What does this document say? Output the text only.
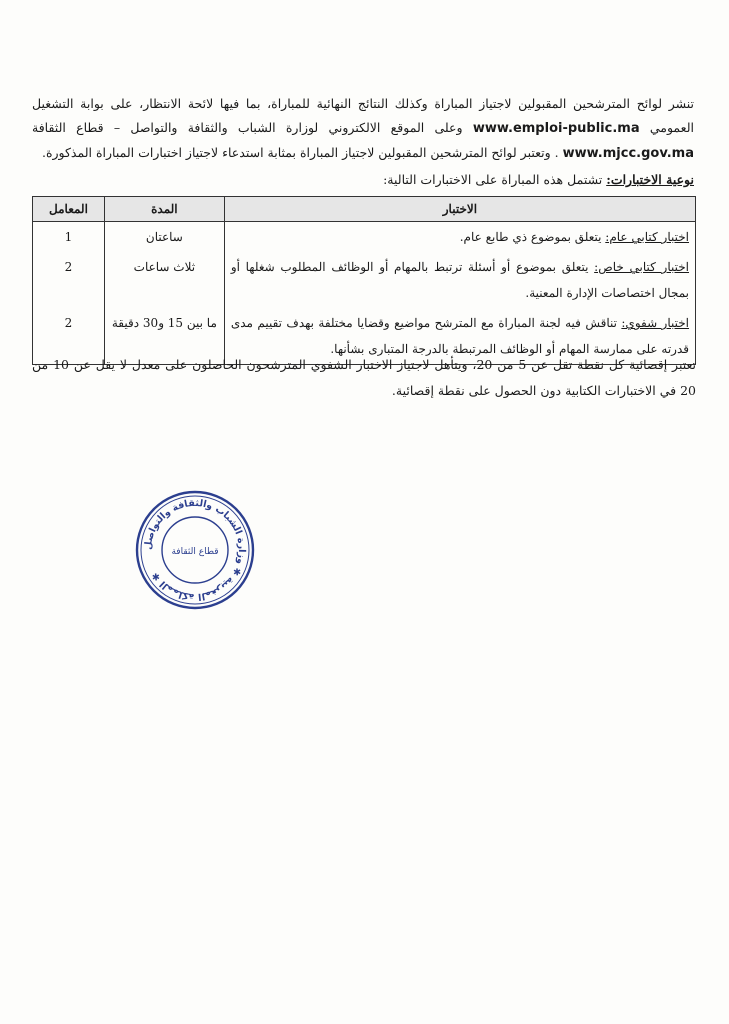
تنشر لوائح المترشحين المقبولين لاجتياز المباراة وكذلك النتائج النهائية للمباراة، بما فيها لائحة الانتظار، على بوابة التشغيل العمومي www.emploi-public.ma وعلى الموقع الالكتروني لوزارة الشباب والثقافة والتواصل – قطاع الثقافة www.mjcc.gov.ma . وتعتبر لوائح المترشحين المقبولين لاجتياز المباراة بمثابة استدعاء لاجتياز اختبارات المباراة المذكورة.
نوعية الاختبارات: تشتمل هذه المباراة على الاختبارات التالية:
الاختبار	المدة	المعامل
اختبار كتابي عام: يتعلق بموضوع ذي طابع عام.	ساعتان	1
اختبار كتابي خاص: يتعلق بموضوع أو أسئلة ترتبط بالمهام أو الوظائف المطلوب شغلها أو بمجال اختصاصات الإدارة المعنية.	ثلاث ساعات	2
اختبار شفوي: تناقش فيه لجنة المباراة مع المترشح مواضيع وقضايا مختلفة بهدف تقييم مدى قدرته على ممارسة المهام أو الوظائف المرتبطة بالدرجة المتبارى بشأنها.	ما بين 15 و30 دقيقة	2
تعتبر إقصائية كل نقطة تقل عن 5 من 20، ويتأهل لاجتياز الاختبار الشفوي المترشحون الحاصلون على معدل لا يقل عن 10 من 20 في الاختبارات الكتابية دون الحصول على نقطة إقصائية.
المملكة المغربية ✱ وزارة الشباب والثقافة والتواصل ✱
قطاع الثقافة
